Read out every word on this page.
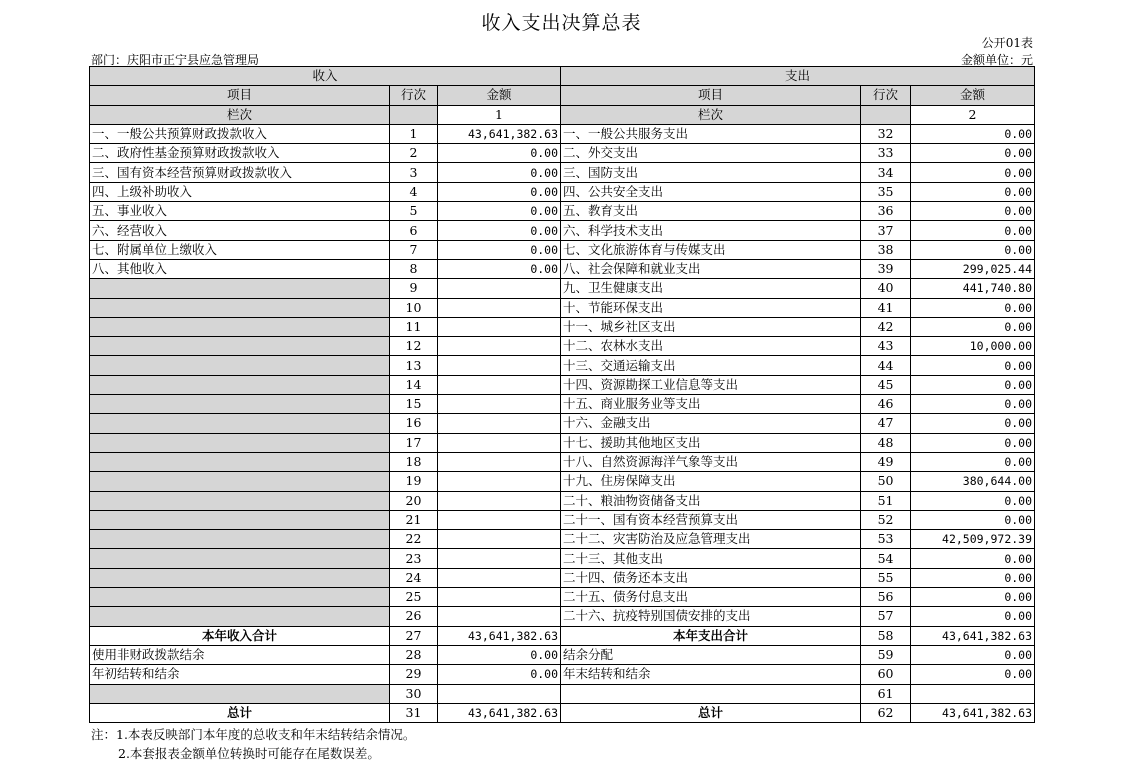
收入支出决算总表
公开01表
部门：庆阳市正宁县应急管理局	金额单位：元
收入			支出		
项目	行次	金额	项目	行次	金额
栏次		1	栏次		2
一、一般公共预算财政拨款收入	1	43,641,382.63	一、一般公共服务支出	32	0.00
二、政府性基金预算财政拨款收入	2	0.00	二、外交支出	33	0.00
三、国有资本经营预算财政拨款收入	3	0.00	三、国防支出	34	0.00
四、上级补助收入	4	0.00	四、公共安全支出	35	0.00
五、事业收入	5	0.00	五、教育支出	36	0.00
六、经营收入	6	0.00	六、科学技术支出	37	0.00
七、附属单位上缴收入	7	0.00	七、文化旅游体育与传媒支出	38	0.00
八、其他收入	8	0.00	八、社会保障和就业支出	39	299,025.44
	9		九、卫生健康支出	40	441,740.80
	10		十、节能环保支出	41	0.00
	11		十一、城乡社区支出	42	0.00
	12		十二、农林水支出	43	10,000.00
	13		十三、交通运输支出	44	0.00
	14		十四、资源勘探工业信息等支出	45	0.00
	15		十五、商业服务业等支出	46	0.00
	16		十六、金融支出	47	0.00
	17		十七、援助其他地区支出	48	0.00
	18		十八、自然资源海洋气象等支出	49	0.00
	19		十九、住房保障支出	50	380,644.00
	20		二十、粮油物资储备支出	51	0.00
	21		二十一、国有资本经营预算支出	52	0.00
	22		二十二、灾害防治及应急管理支出	53	42,509,972.39
	23		二十三、其他支出	54	0.00
	24		二十四、债务还本支出	55	0.00
	25		二十五、债务付息支出	56	0.00
	26		二十六、抗疫特别国债安排的支出	57	0.00
本年收入合计	27	43,641,382.63	本年支出合计	58	43,641,382.63
使用非财政拨款结余	28	0.00	结余分配	59	0.00
年初结转和结余	29	0.00	年末结转和结余	60	0.00
	30			61	
总计	31	43,641,382.63	总计	62	43,641,382.63
注：1.本表反映部门本年度的总收支和年末结转结余情况。
2.本套报表金额单位转换时可能存在尾数误差。
